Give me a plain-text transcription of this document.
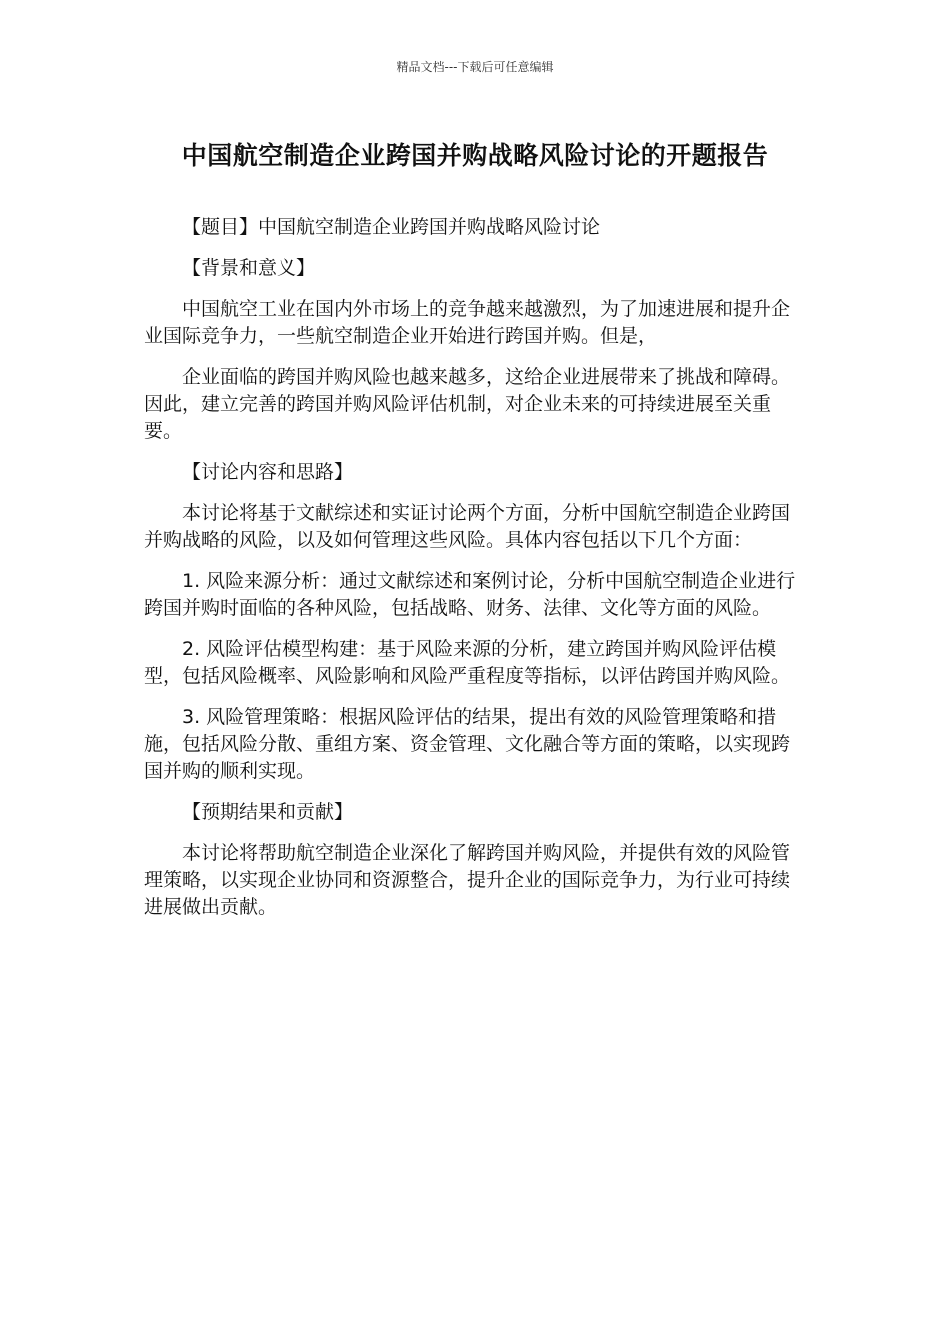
精品文档---下载后可任意编辑
中国航空制造企业跨国并购战略风险讨论的开题报告

【题目】中国航空制造企业跨国并购战略风险讨论

【背景和意义】

中国航空工业在国内外市场上的竞争越来越激烈，为了加速进展和提升企业国际竞争力，一些航空制造企业开始进行跨国并购。但是，

企业面临的跨国并购风险也越来越多，这给企业进展带来了挑战和障碍。因此，建立完善的跨国并购风险评估机制，对企业未来的可持续进展至关重要。

【讨论内容和思路】

本讨论将基于文献综述和实证讨论两个方面，分析中国航空制造企业跨国并购战略的风险，以及如何管理这些风险。具体内容包括以下几个方面：

1. 风险来源分析：通过文献综述和案例讨论，分析中国航空制造企业进行跨国并购时面临的各种风险，包括战略、财务、法律、文化等方面的风险。

2. 风险评估模型构建：基于风险来源的分析，建立跨国并购风险评估模型，包括风险概率、风险影响和风险严重程度等指标，以评估跨国并购风险。

3. 风险管理策略：根据风险评估的结果，提出有效的风险管理策略和措施，包括风险分散、重组方案、资金管理、文化融合等方面的策略，以实现跨国并购的顺利实现。

【预期结果和贡献】

本讨论将帮助航空制造企业深化了解跨国并购风险，并提供有效的风险管理策略，以实现企业协同和资源整合，提升企业的国际竞争力，为行业可持续进展做出贡献。
